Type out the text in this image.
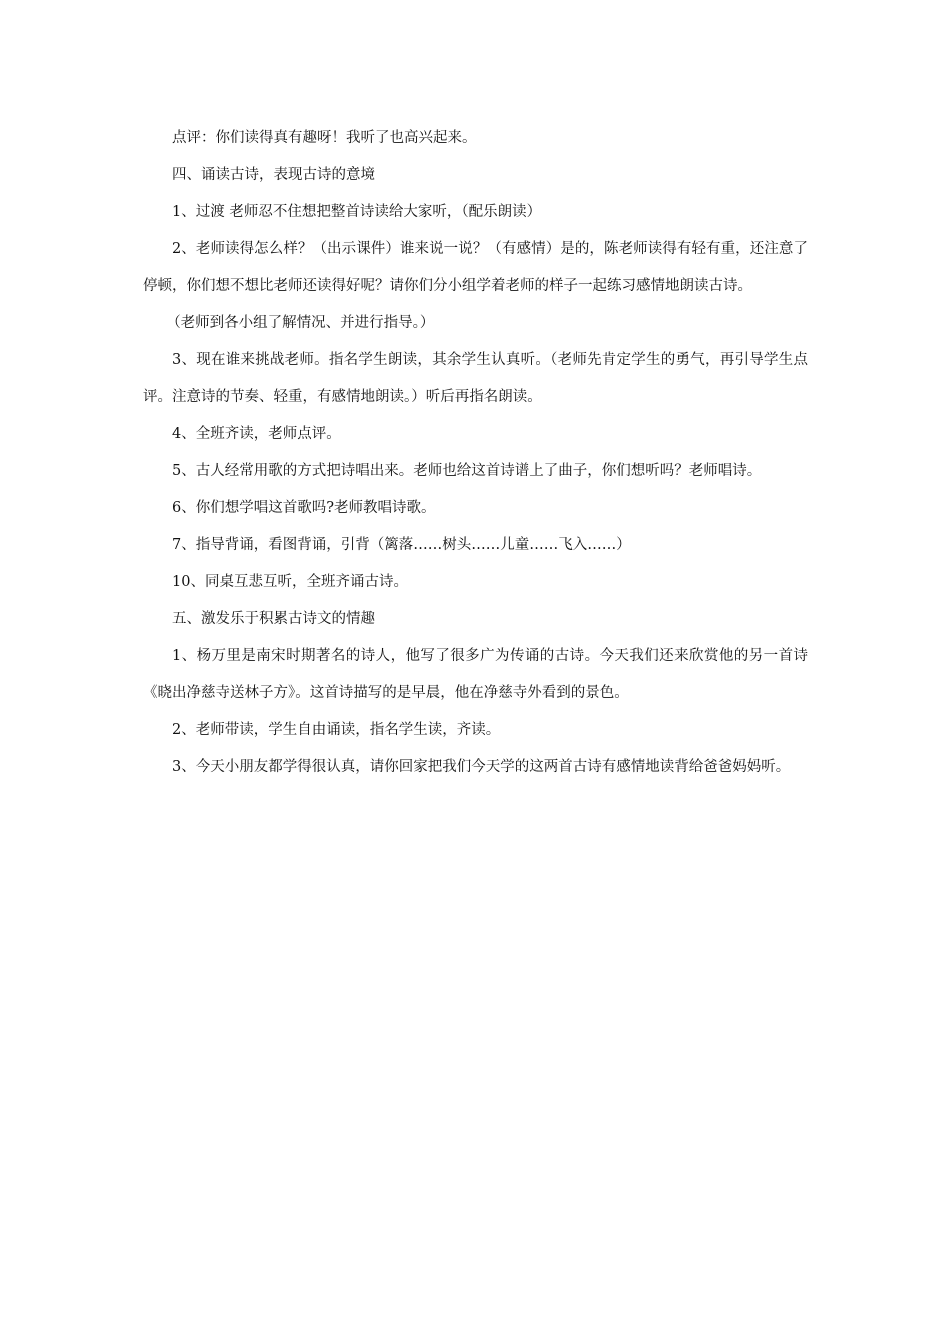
点评：你们读得真有趣呀！我听了也高兴起来。

四、诵读古诗，表现古诗的意境

1、过渡 老师忍不住想把整首诗读给大家听，（配乐朗读）

2、老师读得怎么样？（出示课件）谁来说一说？（有感情）是的，陈老师读得有轻有重，还注意了停顿，你们想不想比老师还读得好呢？请你们分小组学着老师的样子一起练习感情地朗读古诗。

（老师到各小组了解情况、并进行指导。）

3、现在谁来挑战老师。指名学生朗读，其余学生认真听。（老师先肯定学生的勇气，再引导学生点评。注意诗的节奏、轻重，有感情地朗读。）听后再指名朗读。

4、全班齐读，老师点评。

5、古人经常用歌的方式把诗唱出来。老师也给这首诗谱上了曲子，你们想听吗？老师唱诗。

6、你们想学唱这首歌吗?老师教唱诗歌。

7、指导背诵，看图背诵，引背（篱落……树头……儿童……飞入……）

10、同桌互悲互听，全班齐诵古诗。

五、激发乐于积累古诗文的情趣

1、杨万里是南宋时期著名的诗人，他写了很多广为传诵的古诗。今天我们还来欣赏他的另一首诗《晓出净慈寺送林子方》。这首诗描写的是早晨，他在净慈寺外看到的景色。

2、老师带读，学生自由诵读，指名学生读，齐读。

3、今天小朋友都学得很认真，请你回家把我们今天学的这两首古诗有感情地读背给爸爸妈妈听。
